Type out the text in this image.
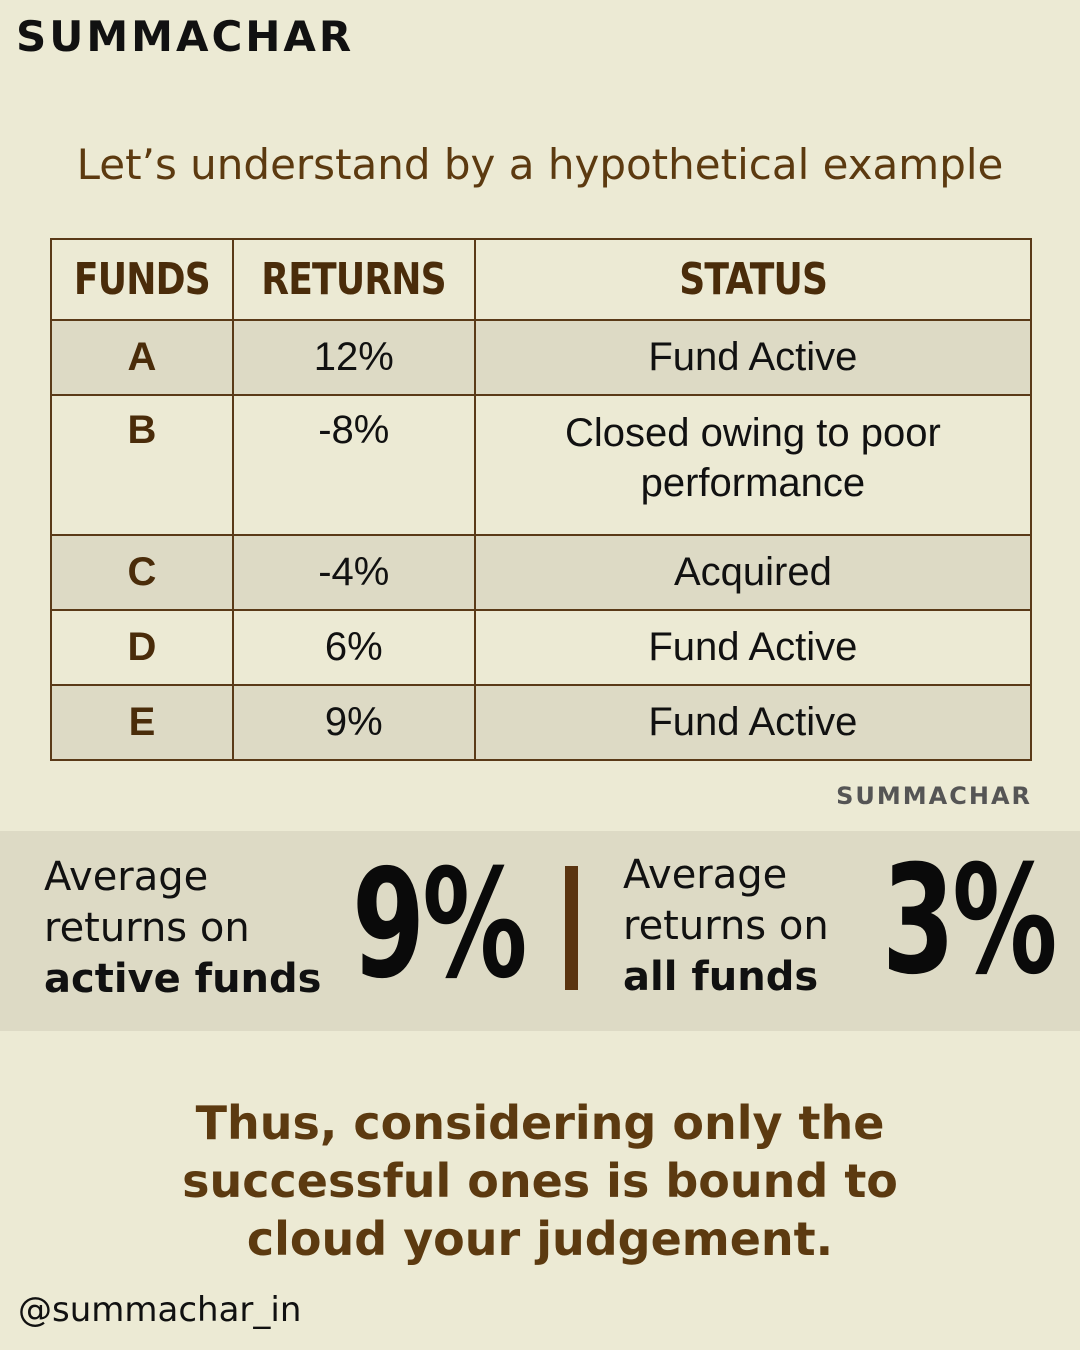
SUMMACHAR
Let’s understand by a hypothetical example
FUNDS	RETURNS	STATUS
A	12%	Fund Active
B	-8%	Closed owing to poor performance
C	-4%	Acquired
D	6%	Fund Active
E	9%	Fund Active
SUMMACHAR
Average
returns on
active funds 9% Average
returns on
all funds 3%
Thus, considering only the
successful ones is bound to
cloud your judgement.
@summachar_in
